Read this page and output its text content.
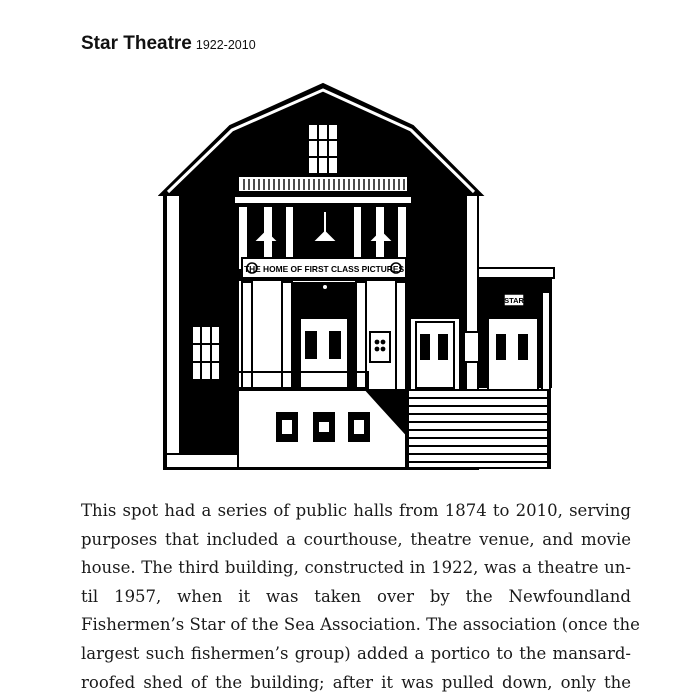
Star Theatre 1922-2010
THE HOME OF FIRST CLASS PICTURES
STAR

This spot had a series of public halls from 1874 to 2010, serving
purposes that included a courthouse, theatre venue, and movie
house. The third building, constructed in 1922, was a theatre un-
til 1957, when it was taken over by the Newfoundland
Fishermen’s Star of the Sea Association. The association (once the
largest such fishermen’s group) added a portico to the mansard-
roofed shed of the building; after it was pulled down, only the
